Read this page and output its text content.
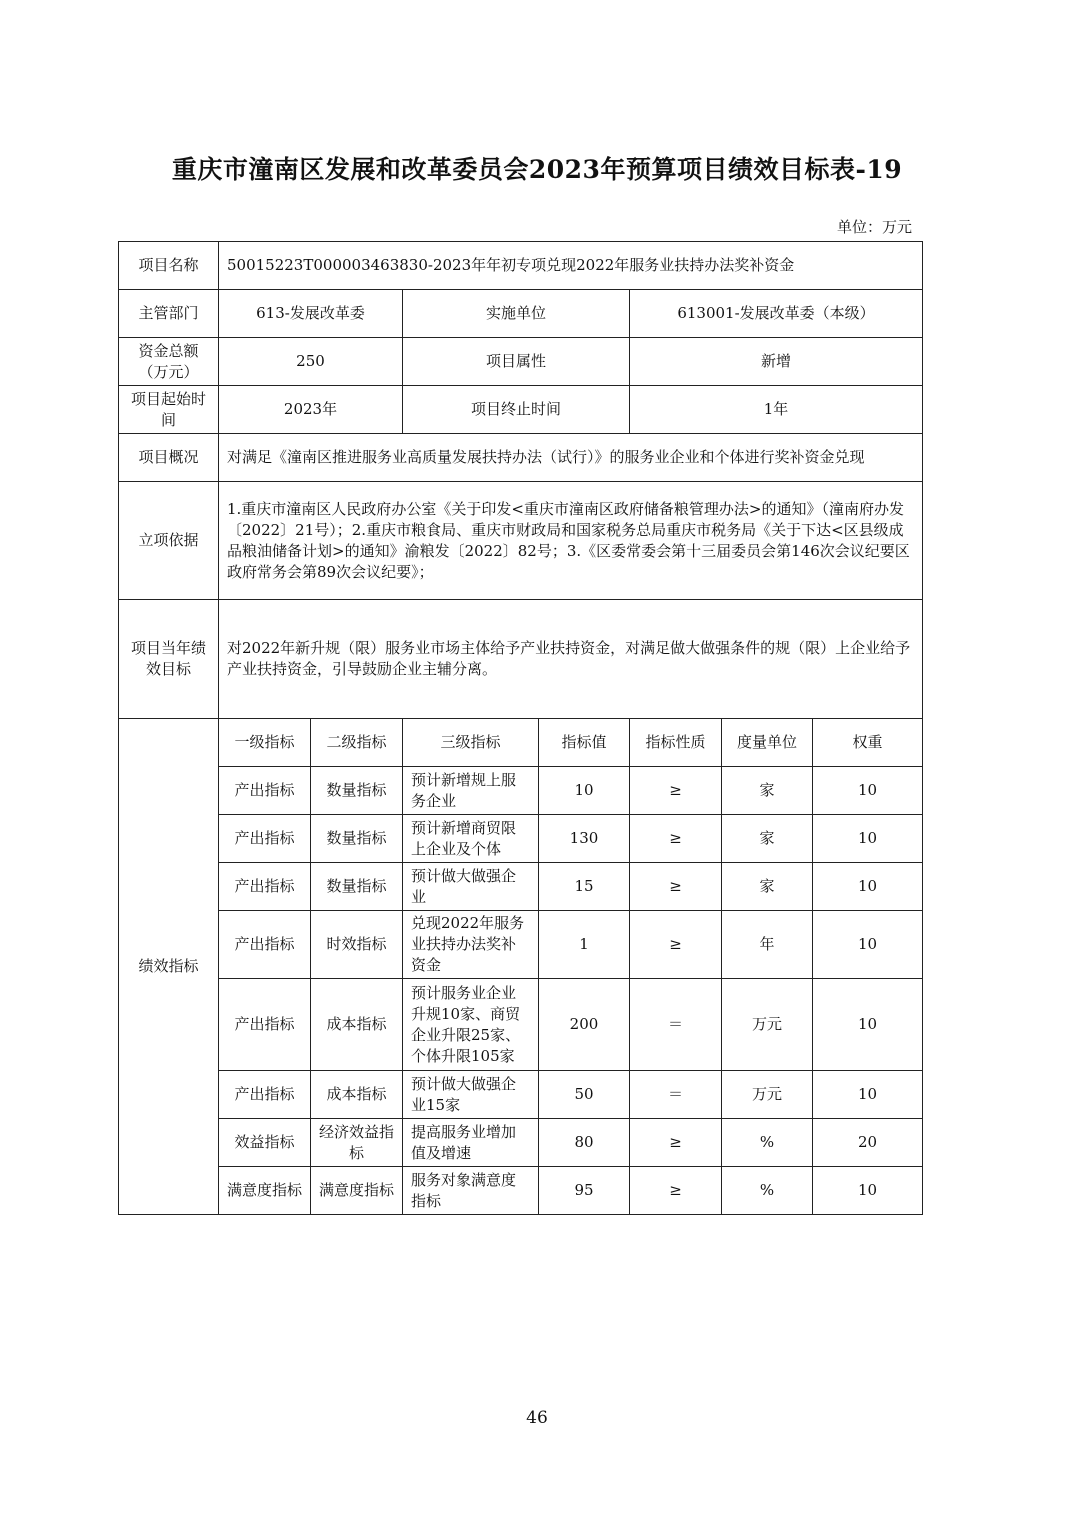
重庆市潼南区发展和改革委员会2023年预算项目绩效目标表-19
单位：万元
项目名称	50015223T000003463830-2023年年初专项兑现2022年服务业扶持办法奖补资金						
主管部门	613-发展改革委		实施单位		613001-发展改革委（本级）		
资金总额（万元）	250		项目属性		新增		
项目起始时间	2023年		项目终止时间		1年		
项目概况	对满足《潼南区推进服务业高质量发展扶持办法（试行）》的服务业企业和个体进行奖补资金兑现						
立项依据	1.重庆市潼南区人民政府办公室《关于印发<重庆市潼南区政府储备粮管理办法>的通知》（潼南府办发〔2022〕21号）；2.重庆市粮食局、重庆市财政局和国家税务总局重庆市税务局《关于下达<区县级成品粮油储备计划>的通知》渝粮发〔2022〕82号；3.《区委常委会第十三届委员会第146次会议纪要区政府常务会第89次会议纪要》；						
项目当年绩效目标	对2022年新升规（限）服务业市场主体给予产业扶持资金，对满足做大做强条件的规（限）上企业给予产业扶持资金，引导鼓励企业主辅分离。						
绩效指标	一级指标	二级指标	三级指标	指标值	指标性质	度量单位	权重
	产出指标	数量指标	预计新增规上服务企业	10	≥	家	10
	产出指标	数量指标	预计新增商贸限上企业及个体	130	≥	家	10
	产出指标	数量指标	预计做大做强企业	15	≥	家	10
	产出指标	时效指标	兑现2022年服务业扶持办法奖补资金	1	≥	年	10
	产出指标	成本指标	预计服务业企业升规10家、商贸企业升限25家、个体升限105家	200	＝	万元	10
	产出指标	成本指标	预计做大做强企业15家	50	＝	万元	10
	效益指标	经济效益指标	提高服务业增加值及增速	80	≥	%	20
	满意度指标	满意度指标	服务对象满意度指标	95	≥	%	10
46
